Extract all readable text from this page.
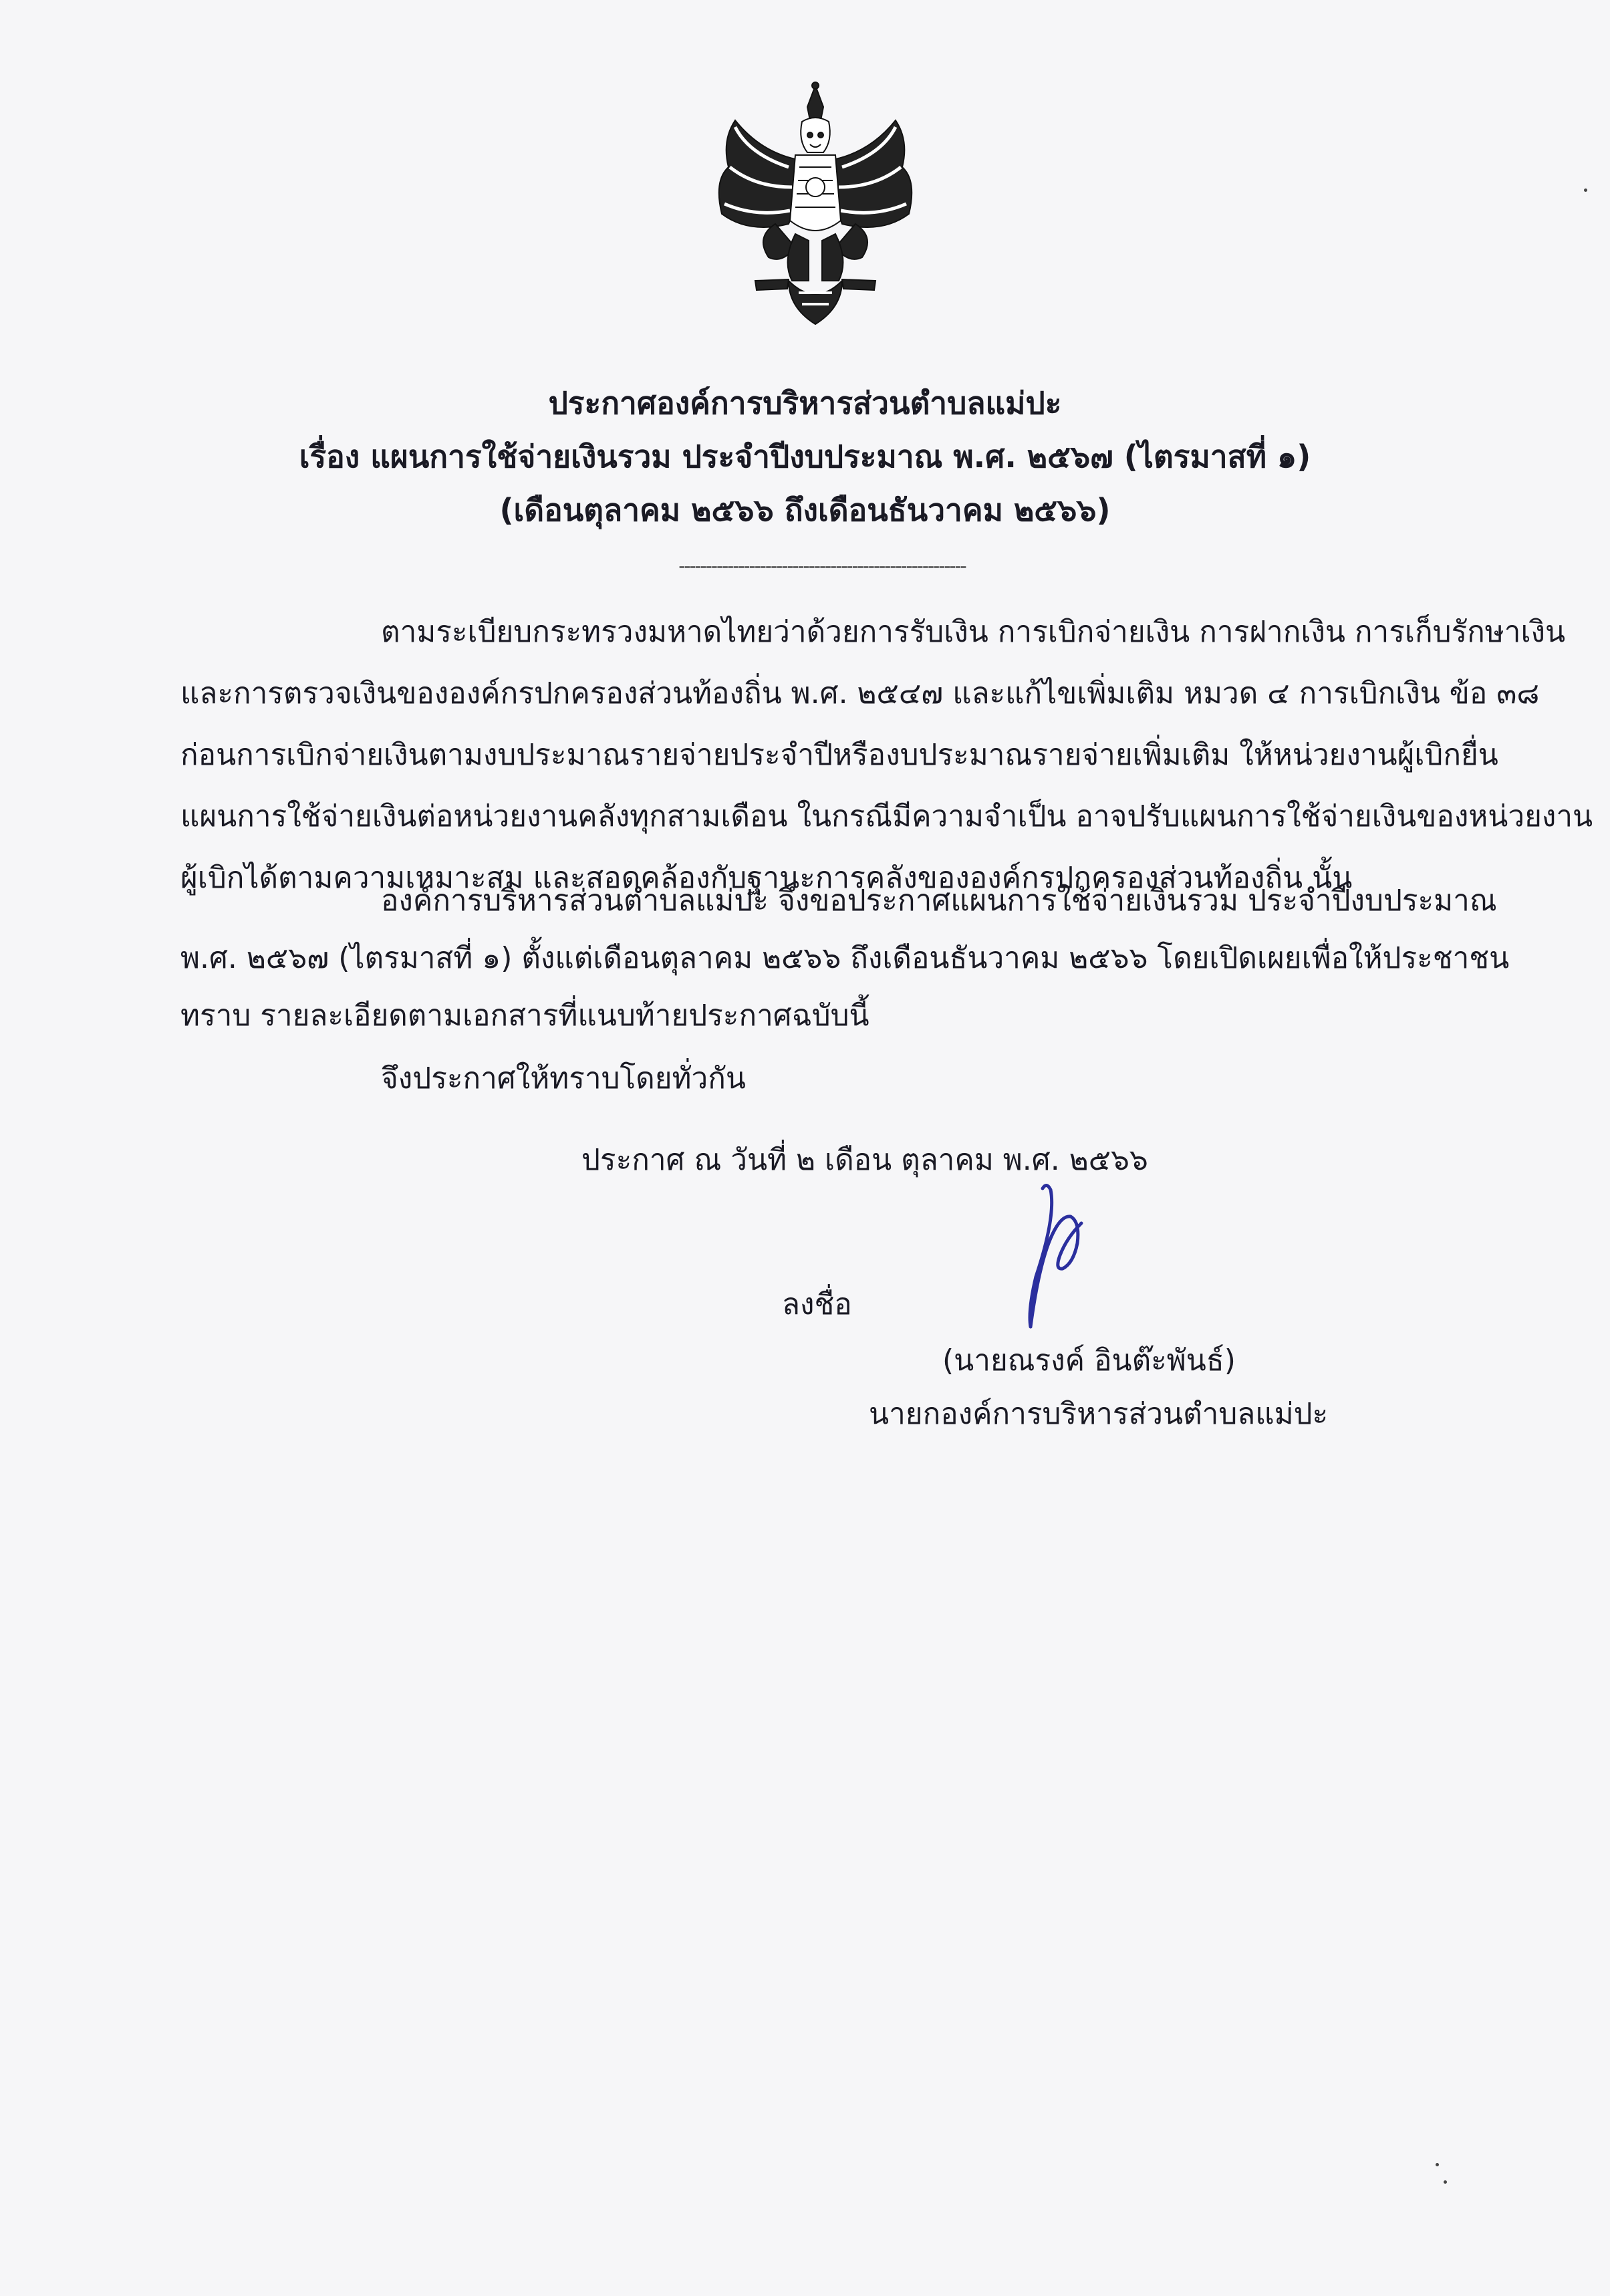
ประกาศองค์การบริหารส่วนตำบลแม่ปะ
เรื่อง แผนการใช้จ่ายเงินรวม ประจำปีงบประมาณ พ.ศ. ๒๕๖๗ (ไตรมาสที่ ๑)
(เดือนตุลาคม ๒๕๖๖ ถึงเดือนธันวาคม ๒๕๖๖)
-----------------------------------------------------
ตามระเบียบกระทรวงมหาดไทยว่าด้วยการรับเงิน การเบิกจ่ายเงิน การฝากเงิน การเก็บรักษาเงิน
และการตรวจเงินขององค์กรปกครองส่วนท้องถิ่น พ.ศ. ๒๕๔๗ และแก้ไขเพิ่มเติม หมวด ๔ การเบิกเงิน ข้อ ๓๘
ก่อนการเบิกจ่ายเงินตามงบประมาณรายจ่ายประจำปีหรืองบประมาณรายจ่ายเพิ่มเติม ให้หน่วยงานผู้เบิกยื่น
แผนการใช้จ่ายเงินต่อหน่วยงานคลังทุกสามเดือน ในกรณีมีความจำเป็น อาจปรับแผนการใช้จ่ายเงินของหน่วยงาน
ผู้เบิกได้ตามความเหมาะสม และสอดคล้องกับฐานะการคลังขององค์กรปกครองส่วนท้องถิ่น นั้น
องค์การบริหารส่วนตำบลแม่ปะ จึงขอประกาศแผนการใช้จ่ายเงินรวม ประจำปีงบประมาณ
พ.ศ. ๒๕๖๗ (ไตรมาสที่ ๑) ตั้งแต่เดือนตุลาคม ๒๕๖๖ ถึงเดือนธันวาคม ๒๕๖๖ โดยเปิดเผยเพื่อให้ประชาชน
ทราบ รายละเอียดตามเอกสารที่แนบท้ายประกาศฉบับนี้
จึงประกาศให้ทราบโดยทั่วกัน
ประกาศ ณ วันที่ ๒ เดือน ตุลาคม พ.ศ. ๒๕๖๖
ลงชื่อ
(นายณรงค์ อินต๊ะพันธ์)
นายกองค์การบริหารส่วนตำบลแม่ปะ
